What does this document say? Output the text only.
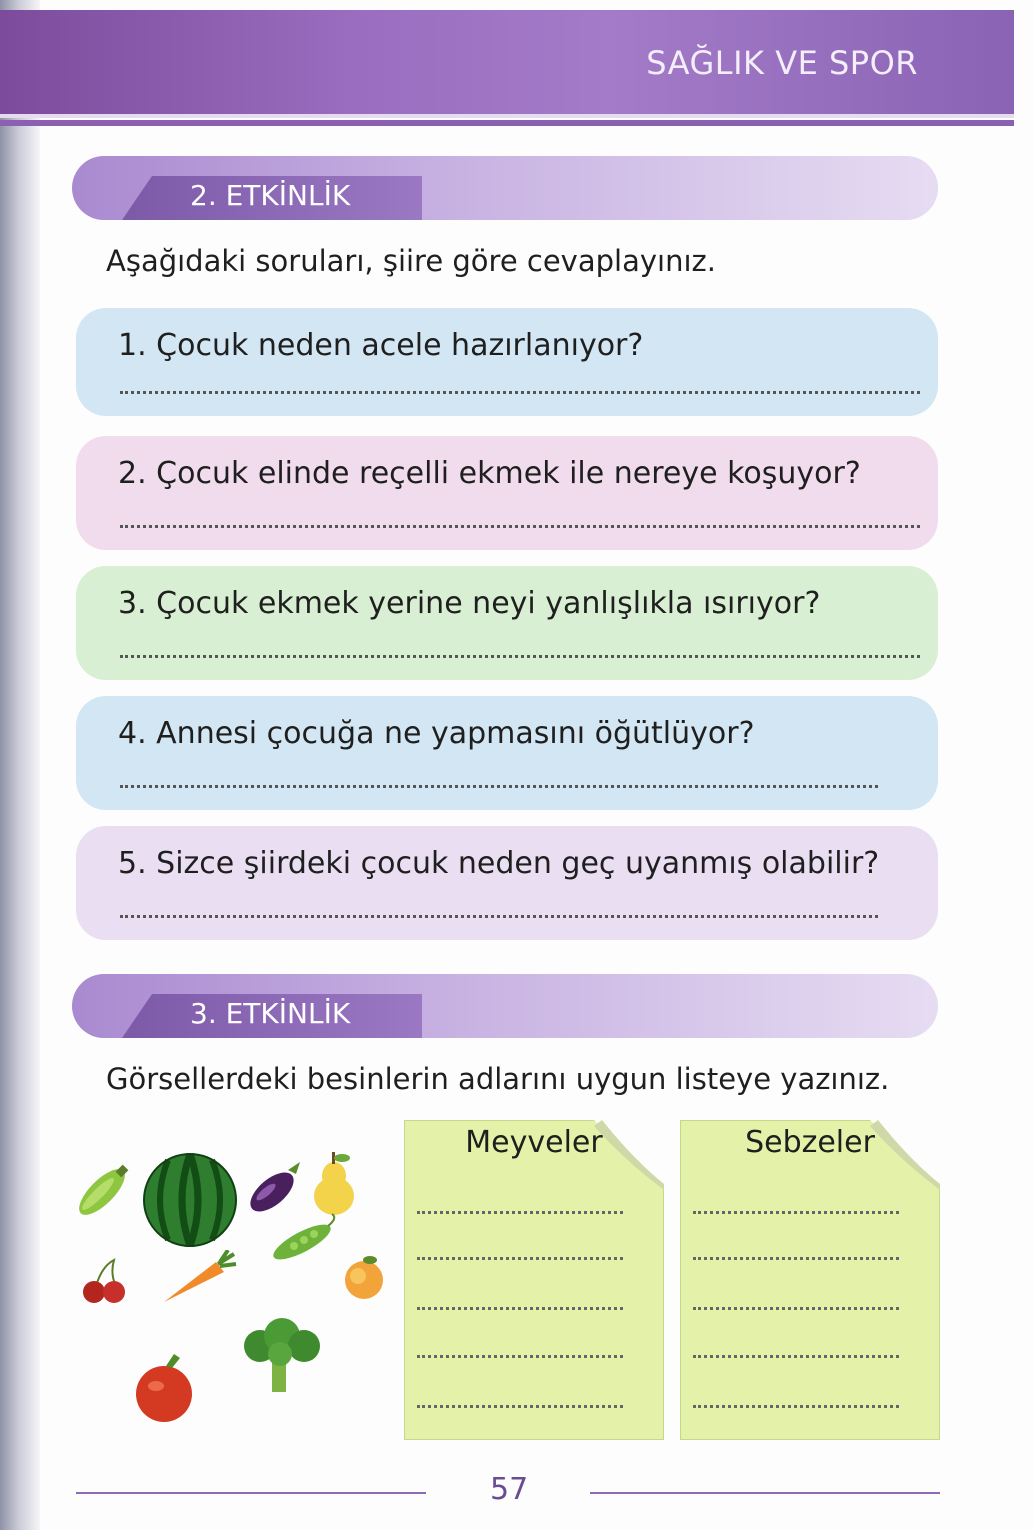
SAĞLIK VE SPOR
2. ETKİNLİK
Aşağıdaki soruları, şiire göre cevaplayınız.
1. Çocuk neden acele hazırlanıyor?
2. Çocuk elinde reçelli ekmek ile nereye koşuyor?
3. Çocuk ekmek yerine neyi yanlışlıkla ısırıyor?
4. Annesi çocuğa ne yapmasını öğütlüyor?
5. Sizce şiirdeki çocuk neden geç uyanmış olabilir?
3. ETKİNLİK
Görsellerdeki besinlerin adlarını uygun listeye yazınız.
Meyveler	Sebzeler
57
